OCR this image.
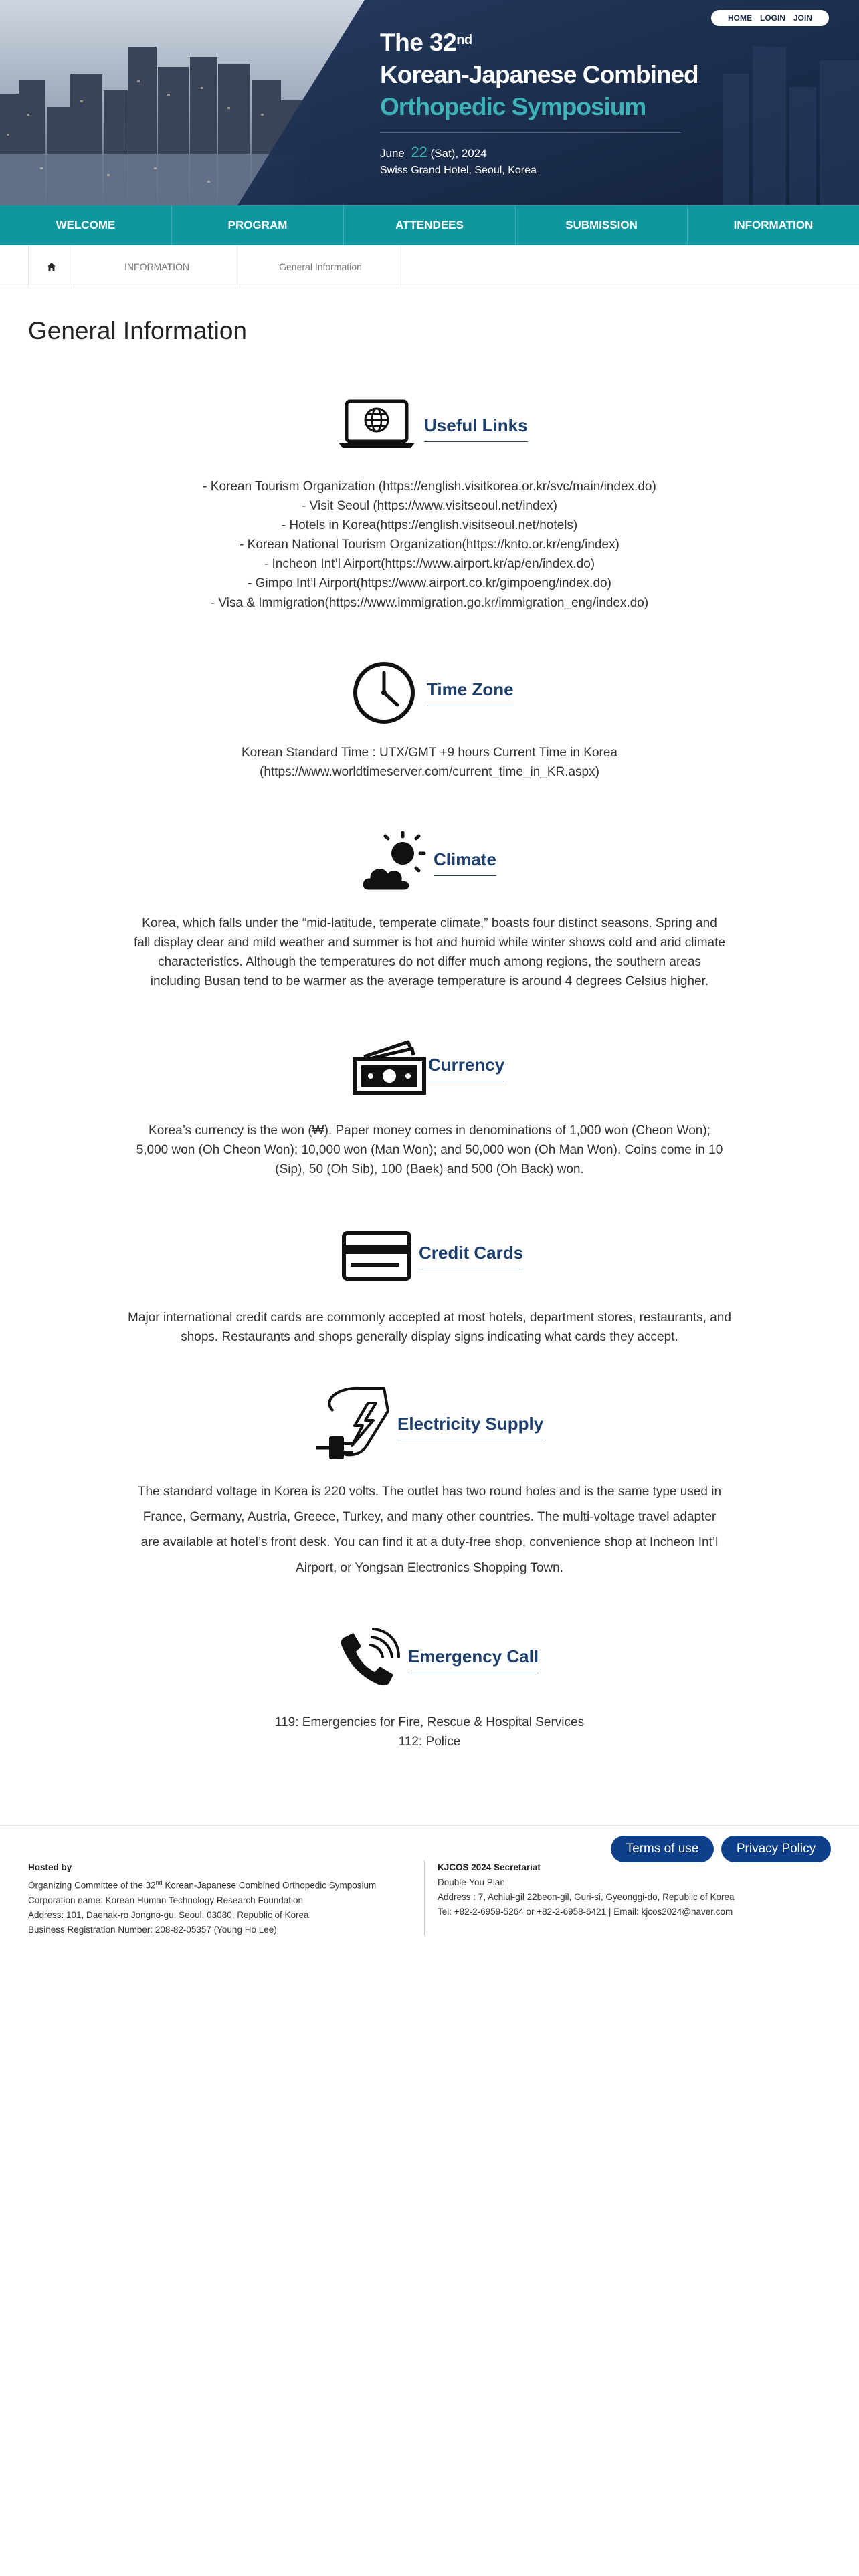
The 32nd
Korean-Japanese Combined
Orthopedic Symposium
June 22 (Sat), 2024
Swiss Grand Hotel, Seoul, Korea
HOME LOGIN JOIN
WELCOME	PROGRAM	ATTENDEES	SUBMISSION	INFORMATION
INFORMATION	General Information
General Information
Useful Links
- Korean Tourism Organization (https://english.visitkorea.or.kr/svc/main/index.do)
- Visit Seoul (https://www.visitseoul.net/index)
- Hotels in Korea(https://english.visitseoul.net/hotels)
- Korean National Tourism Organization(https://knto.or.kr/eng/index)
- Incheon Int’l Airport(https://www.airport.kr/ap/en/index.do)
- Gimpo Int’l Airport(https://www.airport.co.kr/gimpoeng/index.do)
- Visa & Immigration(https://www.immigration.go.kr/immigration_eng/index.do)
Time Zone
Korean Standard Time : UTX/GMT +9 hours Current Time in Korea
(https://www.worldtimeserver.com/current_time_in_KR.aspx)
Climate
Korea, which falls under the “mid-latitude, temperate climate,” boasts four distinct seasons. Spring and fall display clear and mild weather and summer is hot and humid while winter shows cold and arid climate characteristics. Although the temperatures do not differ much among regions, the southern areas including Busan tend to be warmer as the average temperature is around 4 degrees Celsius higher.
Currency
Korea’s currency is the won (₩). Paper money comes in denominations of 1,000 won (Cheon Won); 5,000 won (Oh Cheon Won); 10,000 won (Man Won); and 50,000 won (Oh Man Won). Coins come in 10 (Sip), 50 (Oh Sib), 100 (Baek) and 500 (Oh Back) won.
Credit Cards
Major international credit cards are commonly accepted at most hotels, department stores, restaurants, and shops. Restaurants and shops generally display signs indicating what cards they accept.
Electricity Supply
The standard voltage in Korea is 220 volts. The outlet has two round holes and is the same type used in France, Germany, Austria, Greece, Turkey, and many other countries. The multi-voltage travel adapter are available at hotel’s front desk. You can find it at a duty-free shop, convenience shop at Incheon Int’l Airport, or Yongsan Electronics Shopping Town.
Emergency Call
119: Emergencies for Fire, Rescue & Hospital Services
112: Police
Terms of use	Privacy Policy
Hosted by
Organizing Committee of the 32nd Korean-Japanese Combined Orthopedic Symposium
Corporation name: Korean Human Technology Research Foundation
Address: 101, Daehak-ro Jongno-gu, Seoul, 03080, Republic of Korea
Business Registration Number: 208-82-05357 (Young Ho Lee)
KJCOS 2024 Secretariat
Double-You Plan
Address : 7, Achiul-gil 22beon-gil, Guri-si, Gyeonggi-do, Republic of Korea
Tel: +82-2-6959-5264 or +82-2-6958-6421 | Email: kjcos2024@naver.com
